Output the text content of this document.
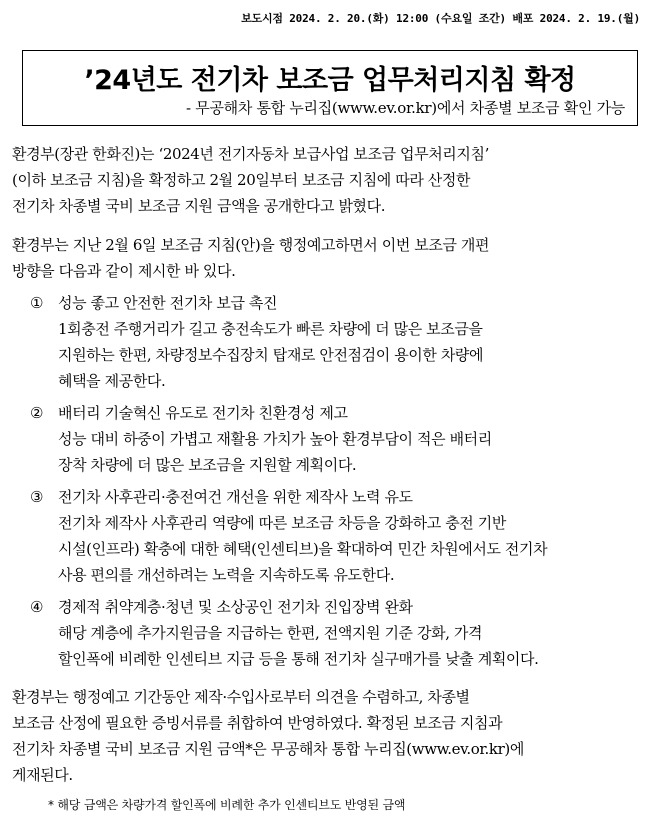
보도시점 2024. 2. 20.(화) 12:00 (수요일 조간) 배포 2024. 2. 19.(월)
’24년도 전기차 보조금 업무처리지침 확정
- 무공해차 통합 누리집(www.ev.or.kr)에서 차종별 보조금 확인 가능
환경부(장관 한화진)는 ‘2024년 전기자동차 보급사업 보조금 업무처리지침’
(이하 보조금 지침)을 확정하고 2월 20일부터 보조금 지침에 따라 산정한
전기차 차종별 국비 보조금 지원 금액을 공개한다고 밝혔다.
환경부는 지난 2월 6일 보조금 지침(안)을 행정예고하면서 이번 보조금 개편
방향을 다음과 같이 제시한 바 있다.
① 성능 좋고 안전한 전기차 보급 촉진
1회충전 주행거리가 길고 충전속도가 빠른 차량에 더 많은 보조금을
지원하는 한편, 차량정보수집장치 탑재로 안전점검이 용이한 차량에
혜택을 제공한다.
② 배터리 기술혁신 유도로 전기차 친환경성 제고
성능 대비 하중이 가볍고 재활용 가치가 높아 환경부담이 적은 배터리
장착 차량에 더 많은 보조금을 지원할 계획이다.
③ 전기차 사후관리·충전여건 개선을 위한 제작사 노력 유도
전기차 제작사 사후관리 역량에 따른 보조금 차등을 강화하고 충전 기반
시설(인프라) 확충에 대한 혜택(인센티브)을 확대하여 민간 차원에서도 전기차
사용 편의를 개선하려는 노력을 지속하도록 유도한다.
④ 경제적 취약계층·청년 및 소상공인 전기차 진입장벽 완화
해당 계층에 추가지원금을 지급하는 한편, 전액지원 기준 강화, 가격
할인폭에 비례한 인센티브 지급 등을 통해 전기차 실구매가를 낮출 계획이다.
환경부는 행정예고 기간동안 제작·수입사로부터 의견을 수렴하고, 차종별
보조금 산정에 필요한 증빙서류를 취합하여 반영하였다. 확정된 보조금 지침과
전기차 차종별 국비 보조금 지원 금액*은 무공해차 통합 누리집(www.ev.or.kr)에
게재된다.
* 해당 금액은 차량가격 할인폭에 비례한 추가 인센티브도 반영된 금액
